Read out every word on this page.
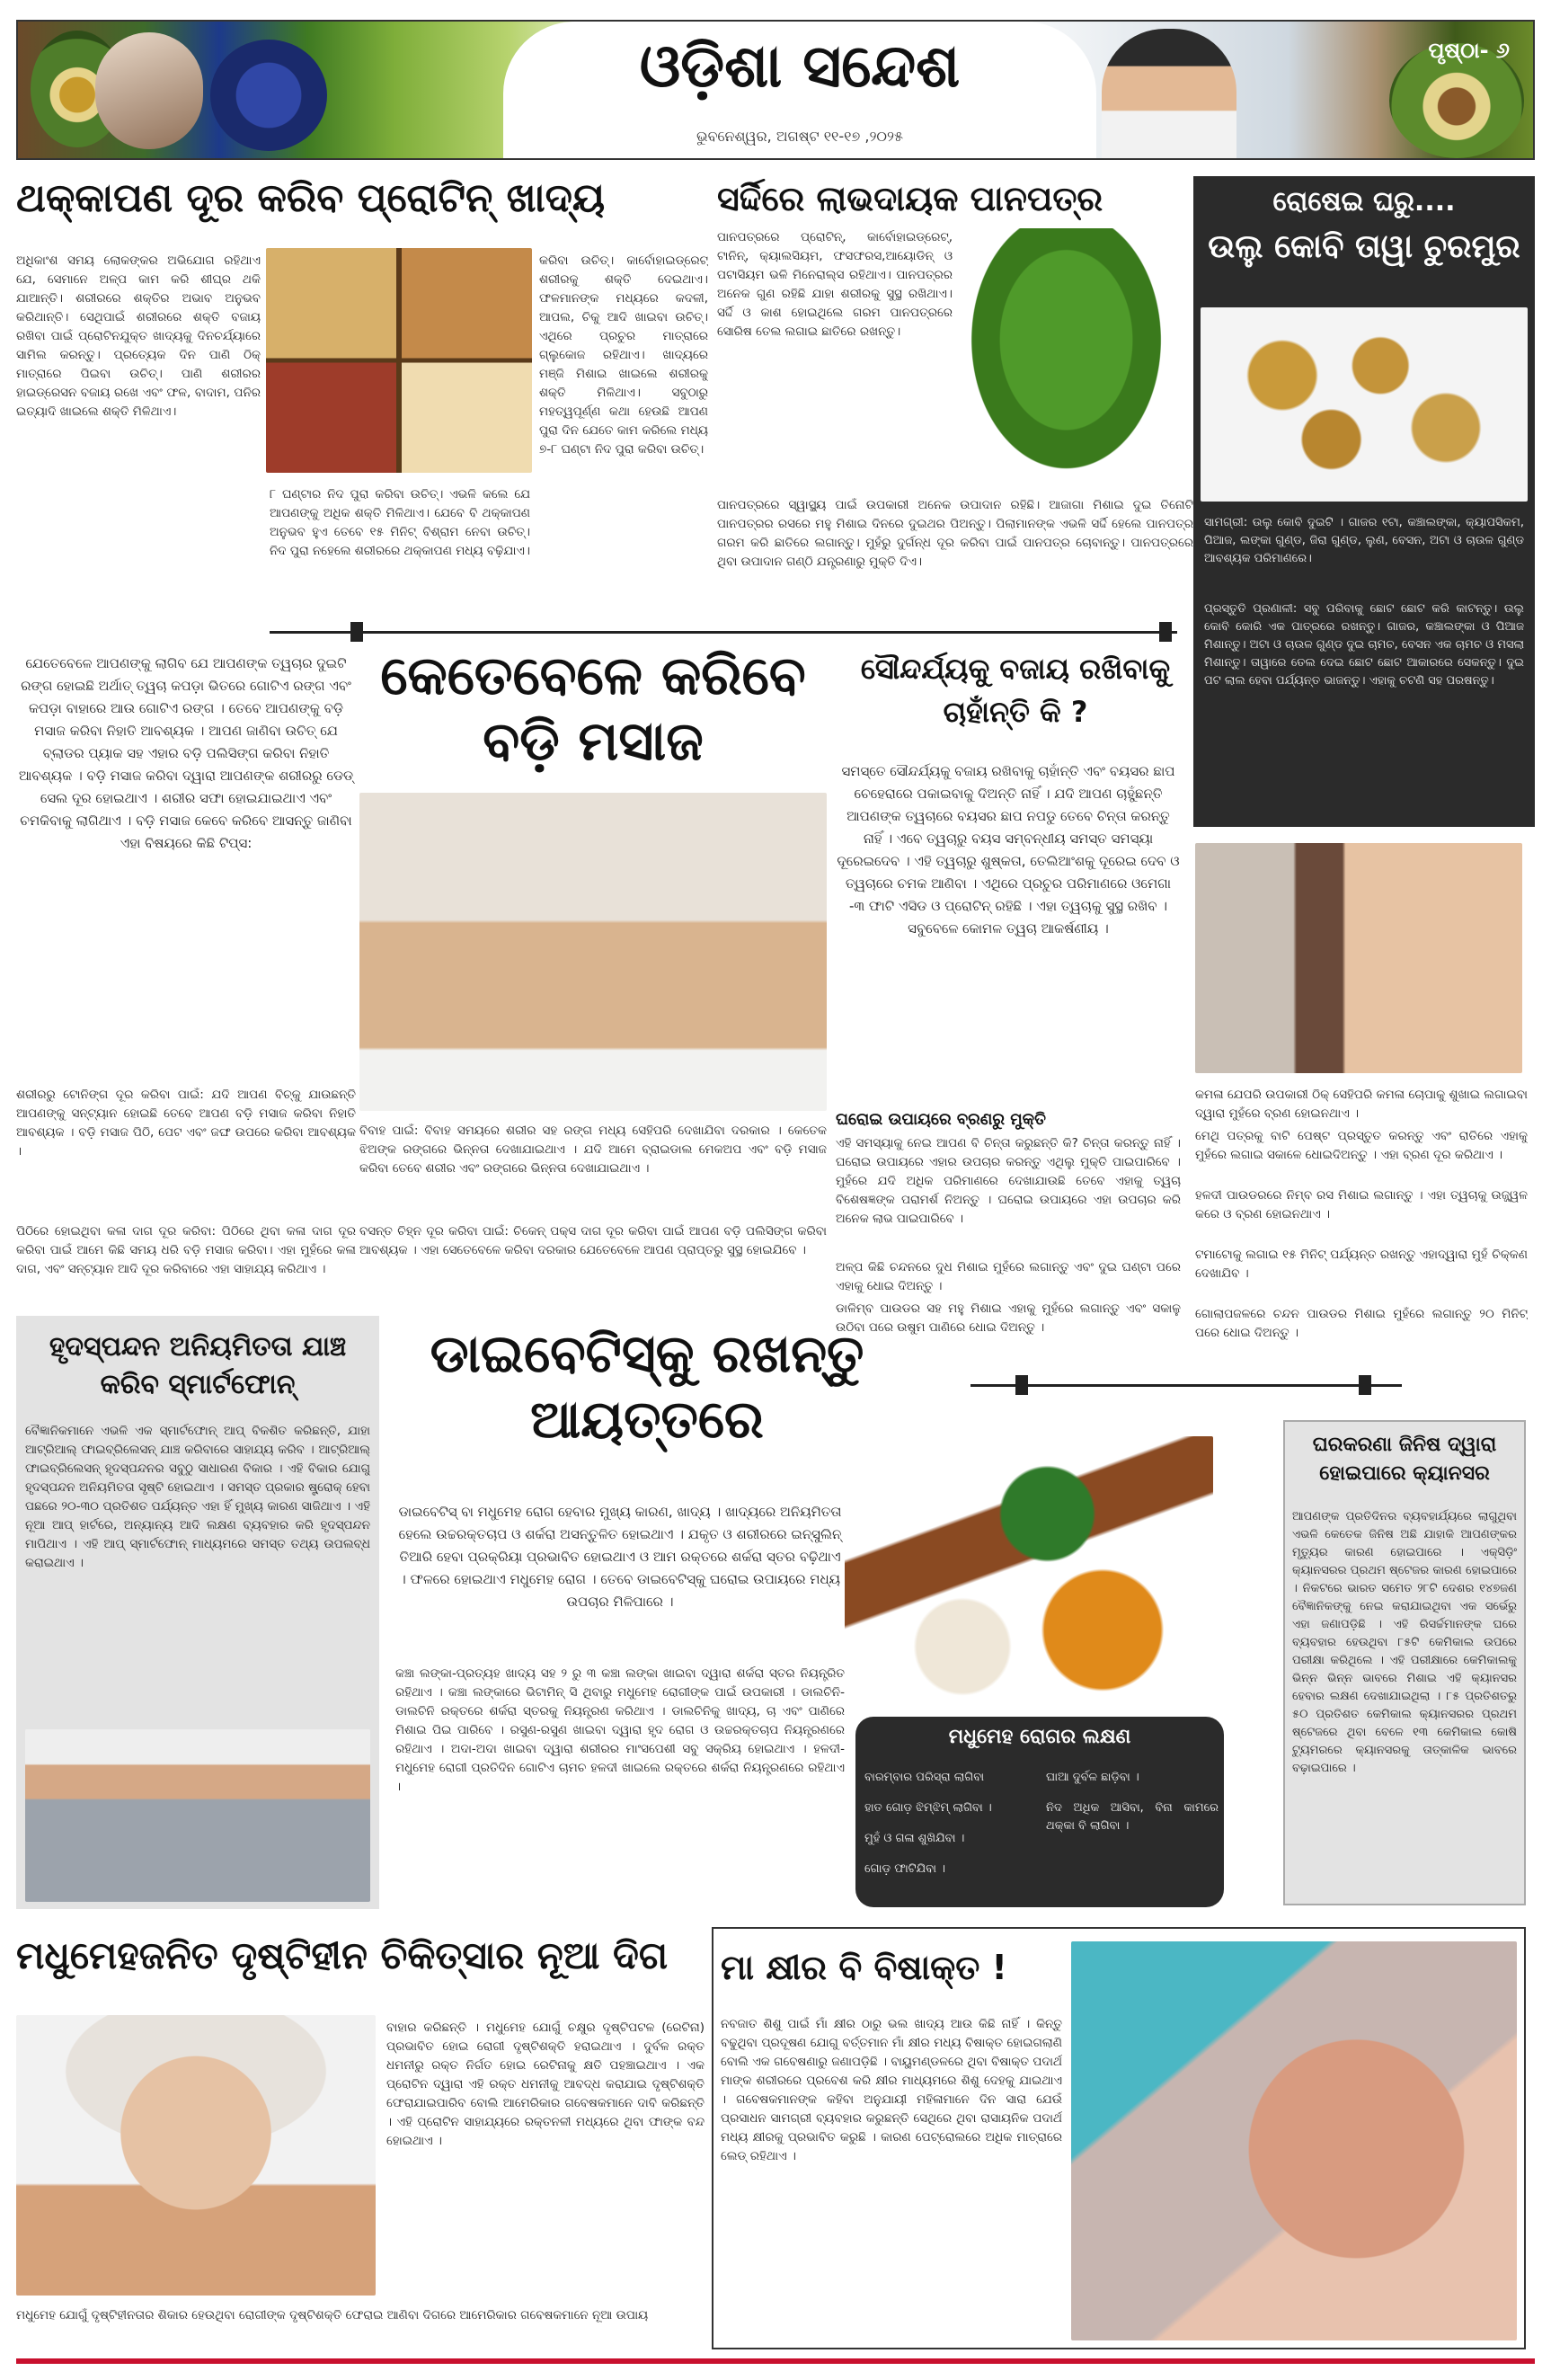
ଓଡ଼ିଶା ସନ୍ଦେଶ
ଭୁବନେଶ୍ୱର, ଅଗଷ୍ଟ ୧୧-୧୭ ,୨୦୨୫
ପୃଷ୍ଠା- ୬
ଥକ୍କାପଣ ଦୂର କରିବ ପ୍ରୋଟିନ୍ ଖାଦ୍ୟ
ଅଧିକାଂଶ ସମୟ ଲୋକଙ୍କର ଅଭିଯୋଗ ରହିଥାଏ ଯେ, ସେମାନେ ଅଳ୍ପ କାମ କରି ଶୀଘ୍ର ଥକି ଯାଆନ୍ତି। ଶରୀରରେ ଶକ୍ତିର ଅଭାବ ଅନୁଭବ କରିଥାନ୍ତି। ସେଥିପାଇଁ ଶରୀରରେ ଶକ୍ତି ବଜାୟ ରଖିବା ପାଇଁ ପ୍ରୋଟିନଯୁକ୍ତ ଖାଦ୍ୟକୁ ଦିନଚର୍ଯ୍ୟାରେ ସାମିଲ କରନ୍ତୁ। ପ୍ରତ୍ୟେକ ଦିନ ପାଣି ଠିକ୍ ମାତ୍ରାରେ ପିଇବା ଉଚିତ୍। ପାଣି ଶରୀରର ହାଇଡ୍ରେସନ ବଜାୟ ରଖେ ଏବଂ ଫଳ, ବାଦାମ, ପନିର ଇତ୍ୟାଦି ଖାଇଲେ ଶକ୍ତି ମିଳିଥାଏ।
କରିବା ଉଚିତ୍। କାର୍ବୋହାଇଡ୍ରେଟ୍ ଶରୀରକୁ ଶକ୍ତି ଦେଇଥାଏ। ଫଳମାନଙ୍କ ମଧ୍ୟରେ କଦଳୀ, ଆପଲ, ଚିକୁ ଆଦି ଖାଇବା ଉଚିତ୍। ଏଥିରେ ପ୍ରଚୁର ମାତ୍ରାରେ ଗ୍ଲୁକୋଜ ରହିଥାଏ। ଖାଦ୍ୟରେ ମଞ୍ଜି ମିଶାଇ ଖାଇଲେ ଶରୀରକୁ ଶକ୍ତି ମିଳିଥାଏ। ସବୁଠାରୁ ମହତ୍ୱପୂର୍ଣ୍ଣ କଥା ହେଉଛି ଆପଣ ପୁରା ଦିନ ଯେତେ କାମ କରିଲେ ମଧ୍ୟ ୭-୮ ଘଣ୍ଟା ନିଦ ପୁରା କରିବା ଉଚିତ୍।
୮ ଘଣ୍ଟାର ନିଦ ପୁରା କରିବା ଉଚିତ୍। ଏଭଳି କଲେ ଯେ ଆପଣଙ୍କୁ ଅଧିକ ଶକ୍ତି ମିଳିଥାଏ। ଯେବେ ବି ଥକ୍କାପଣ ଅନୁଭବ ହୁଏ ତେବେ ୧୫ ମିନିଟ୍ ବିଶ୍ରାମ ନେବା ଉଚିତ୍। ନିଦ ପୁରା ନହେଲେ ଶରୀରରେ ଥକ୍କାପଣ ମଧ୍ୟ ବଢ଼ିଯାଏ।
ସର୍ଦ୍ଦିରେ ଲାଭଦାୟକ ପାନପତ୍ର
ପାନପତ୍ରରେ ପ୍ରୋଟିନ୍, କାର୍ବୋହାଇଡ୍ରେଟ୍, ଟାନିନ୍, କ୍ୟାଲସିୟମ, ଫସଫରସ,ଆୟୋଡିନ୍ ଓ ପଟାସିୟମ ଭଳି ମିନେରାଲ୍ସ ରହିଥାଏ। ପାନପତ୍ରର ଅନେକ ଗୁଣ ରହିଛି ଯାହା ଶରୀରକୁ ସୁସ୍ଥ ରଖିଥାଏ। ସର୍ଦ୍ଦି ଓ କାଶ ହୋଇଥିଲେ ଗରମ ପାନପତ୍ରରେ ସୋରିଷ ତେଲ ଲଗାଇ ଛାତିରେ ରଖନ୍ତୁ।
ପାନପତ୍ରରେ ସ୍ୱାସ୍ଥ୍ୟ ପାଇଁ ଉପକାରୀ ଅନେକ ଉପାଦାନ ରହିଛି। ଆଜାଗା ମିଶାଇ ଦୁଇ ତିନୋଟି ପାନପତ୍ରର ରସରେ ମହୁ ମିଶାଇ ଦିନରେ ଦୁଇଥର ପିଅନ୍ତୁ। ପିଲାମାନଙ୍କ ଏଭଳି ସର୍ଦ୍ଦି ହେଲେ ପାନପତ୍ର ଗରମ କରି ଛାତିରେ ଲଗାନ୍ତୁ। ମୁହଁରୁ ଦୁର୍ଗନ୍ଧ ଦୂର କରିବା ପାଇଁ ପାନପତ୍ର ଚୋବାନ୍ତୁ। ପାନପତ୍ରରେ ଥିବା ଉପାଦାନ ଗଣ୍ଠି ଯନ୍ତ୍ରଣାରୁ ମୁକ୍ତି ଦିଏ।
ରୋଷେଇ ଘରୁ....
ଉଲୁ କୋବି ତାୱା ଚୁରମୁର
ସାମଗ୍ରୀ: ଉଲୁ କୋବି ଦୁଇଟି । ଗାଜର ୧ଟା, କଞ୍ଚାଲଙ୍କା, କ୍ୟାପସିକମ, ପିଆଜ, ଲଙ୍କା ଗୁଣ୍ଡ, ଜିରା ଗୁଣ୍ଡ, ଲୁଣ, ବେସନ, ଅଟା ଓ ଚାଉଳ ଗୁଣ୍ଡ ଆବଶ୍ୟକ ପରିମାଣରେ।
ପ୍ରସ୍ତୁତି ପ୍ରଣାଳୀ: ସବୁ ପରିବାକୁ ଛୋଟ ଛୋଟ କରି କାଟନ୍ତୁ। ଉଲୁ କୋବି କୋରି ଏକ ପାତ୍ରରେ ରଖନ୍ତୁ। ଗାଜର, କଞ୍ଚାଲଙ୍କା ଓ ପିଆଜ ମିଶାନ୍ତୁ। ଅଟା ଓ ଚାଉଳ ଗୁଣ୍ଡ ଦୁଇ ଚାମଚ, ବେସନ ଏକ ଚାମଚ ଓ ମସଲା ମିଶାନ୍ତୁ। ତାୱାରେ ତେଲ ଦେଇ ଛୋଟ ଛୋଟ ଆକାରରେ ସେକନ୍ତୁ। ଦୁଇ ପଟ ଲାଲ ହେବା ପର୍ଯ୍ୟନ୍ତ ଭାଜନ୍ତୁ। ଏହାକୁ ଚଟଣି ସହ ପରଷନ୍ତୁ।
ଯେତେବେଳେ ଆପଣଙ୍କୁ ଲାଗିବ ଯେ ଆପଣଙ୍କ ତ୍ୱଚାର ଦୁଇଟି ରଙ୍ଗ ହୋଇଛି ଅର୍ଥାତ୍ ତ୍ୱଚା କପଡ଼ା ଭିତରେ ଗୋଟିଏ ରଙ୍ଗ ଏବଂ କପଡ଼ା ବାହାରେ ଆଉ ଗୋଟିଏ ରଙ୍ଗ । ତେବେ ଆପଣଙ୍କୁ ବଡ଼ି ମସାଜ କରିବା ନିହାତି ଆବଶ୍ୟକ । ଆପଣ ଜାଣିବା ଉଚିତ୍ ଯେ ବ୍ଲାଡର ପ୍ୟାକ ସହ ଏହାର ବଡ଼ି ପଲିସିଙ୍ଗ କରିବା ନିହାତି ଆବଶ୍ୟକ । ବଡ଼ି ମସାଜ କରିବା ଦ୍ୱାରା ଆପଣଙ୍କ ଶରୀରରୁ ଡେଡ୍ ସେଲ ଦୂର ହୋଇଥାଏ । ଶରୀର ସଫା ହୋଇଯାଇଥାଏ ଏବଂ ଚମକିବାକୁ ଲାଗିଥାଏ । ବଡ଼ି ମସାଜ କେବେ କରିବେ ଆସନ୍ତୁ ଜାଣିବା ଏହା ବିଷୟରେ କିଛି ଟିପ୍ସ:
କେତେବେଳେ କରିବେ ବଡ଼ି ମସାଜ
ଶରୀରରୁ ଟୋନିଙ୍ଗ ଦୂର କରିବା ପାଇଁ: ଯଦି ଆପଣ ବିଚ୍‌କୁ ଯାଉଛନ୍ତି ଆପଣଙ୍କୁ ସନ୍‌ଟ୍ୟାନ ହୋଇଛି ତେବେ ଆପଣ ବଡ଼ି ମସାଜ କରିବା ନିହାତି ଆବଶ୍ୟକ । ବଡ଼ି ମସାଜ ପିଠି, ପେଟ ଏବଂ ଜଙ୍ଘ ଉପରେ କରିବା ଆବଶ୍ୟକ ।
ପିଠିରେ ହୋଇଥିବା କଳା ଦାଗ ଦୂର କରିବା: ପିଠିରେ ଥିବା କଳା ଦାଗ ଦୂର କରିବା ପାଇଁ ଆମେ କିଛି ସମୟ ଧରି ବଡ଼ି ମସାଜ କରିବା। ଏହା ମୁହଁରେ କଳା ଦାଗ, ଏବଂ ସନ୍‌ଟ୍ୟାନ ଆଦି ଦୂର କରିବାରେ ଏହା ସାହାଯ୍ୟ କରିଥାଏ ।
ବିବାହ ପାଇଁ: ବିବାହ ସମୟରେ ଶରୀର ସହ ରଙ୍ଗ ମଧ୍ୟ ସେହିପରି ଦେଖାଯିବା ଦରକାର । କେତେକ ଝିଅଙ୍କ ରଙ୍ଗରେ ଭିନ୍ନତା ଦେଖାଯାଇଥାଏ । ଯଦି ଆମେ ବ୍ରାଇଡାଲ ମେକଅପ ଏବଂ ବଡ଼ି ମସାଜ କରିବା ତେବେ ଶରୀର ଏବଂ ରଙ୍ଗରେ ଭିନ୍ନତା ଦେଖାଯାଇଥାଏ ।
ବସନ୍ତ ଚିହ୍ନ ଦୂର କରିବା ପାଇଁ: ଚିକେନ୍ ପକ୍ସ ଦାଗ ଦୂର କରିବା ପାଇଁ ଆପଣ ବଡ଼ି ପଲିସିଙ୍ଗ କରିବା ଆବଶ୍ୟକ । ଏହା ସେତେବେଳେ କରିବା ଦରକାର ଯେତେବେଳେ ଆପଣ ପ୍ରାପ୍ତରୁ ସୁସ୍ଥ ହୋଇଯିବେ ।
ସୌନ୍ଦର୍ଯ୍ୟକୁ ବଜାୟ ରଖିବାକୁ ଚାହାଁନ୍ତି କି ?
ସମସ୍ତେ ସୌନ୍ଦର୍ଯ୍ୟକୁ ବଜାୟ ରଖିବାକୁ ଚାହାଁନ୍ତି ଏବଂ ବୟସର ଛାପ ଚେହେରାରେ ପକାଇବାକୁ ଦିଅନ୍ତି ନାହିଁ । ଯଦି ଆପଣ ଚାହୁଁଛନ୍ତି ଆପଣଙ୍କ ତ୍ୱଚାରେ ବୟସର ଛାପ ନପଡୁ ତେବେ ଚିନ୍ତା କରନ୍ତୁ ନାହିଁ । ଏବେ ତ୍ୱଚାରୁ ବୟସ ସମ୍ବନ୍ଧୀୟ ସମସ୍ତ ସମସ୍ୟା ଦୂରେଇଦେବ । ଏହି ତ୍ୱଚାରୁ ଶୁଷ୍କତା, ତେଲିଆଂଶକୁ ଦୂରେଇ ଦେବ ଓ ତ୍ୱଚାରେ ଚମକ ଆଣିବା । ଏଥିରେ ପ୍ରଚୁର ପରିମାଣରେ ଓମେଗା -୩ ଫାଟି ଏସିଡ ଓ ପ୍ରୋଟିନ୍ ରହିଛି । ଏହା ତ୍ୱଚାକୁ ସୁସ୍ଥ ରଖିବ । ସବୁବେଳେ କୋମଳ ତ୍ୱଚା ଆକର୍ଷଣୀୟ ।
ଘରୋଇ ଉପାୟରେ ବ୍ରଣରୁ ମୁକ୍ତି
ଏହି ସମସ୍ୟାକୁ ନେଇ ଆପଣ ବି ଚିନ୍ତା କରୁଛନ୍ତି କି? ଚିନ୍ତା କରନ୍ତୁ ନାହିଁ । ଘରୋଇ ଉପାୟରେ ଏହାର ଉପଚାର କରନ୍ତୁ ଏଥିଲୁ ମୁକ୍ତି ପାଇପାରିବେ । ମୁହଁରେ ଯଦି ଅଧିକ ପରିମାଣରେ ଦେଖାଯାଉଛି ତେବେ ଏହାକୁ ତ୍ୱଚା ବିଶେଷଜ୍ଞଙ୍କ ପରାମର୍ଶ ନିଅନ୍ତୁ । ଘରୋଇ ଉପାୟରେ ଏହା ଉପଚାର କରି ଅନେକ ଲାଭ ପାଇପାରିବେ ।
ଅଳ୍ପ କିଛି ଚନ୍ଦନରେ ଦୁଧ ମିଶାଇ ମୁହଁରେ ଲଗାନ୍ତୁ ଏବଂ ଦୁଇ ଘଣ୍ଟା ପରେ ଏହାକୁ ଧୋଇ ଦିଅନ୍ତୁ ।
ଡାଳିମ୍ବ ପାଉଡର ସହ ମହୁ ମିଶାଇ ଏହାକୁ ମୁହଁରେ ଲଗାନ୍ତୁ ଏବଂ ସକାଳୁ ଉଠିବା ପରେ ଉଷୁମ ପାଣିରେ ଧୋଇ ଦିଅନ୍ତୁ ।
କମଳା ଯେପରି ଉପକାରୀ ଠିକ୍ ସେହିପରି କମଳା ଚୋପାକୁ ଶୁଖାଇ ଲଗାଇବା ଦ୍ୱାରା ମୁହଁରେ ବ୍ରଣ ହୋଇନଥାଏ ।
ମେଥି ପତ୍ରକୁ ବାଟି ପେଷ୍ଟ ପ୍ରସ୍ତୁତ କରନ୍ତୁ ଏବଂ ରାତିରେ ଏହାକୁ ମୁହଁରେ ଲଗାଇ ସକାଳେ ଧୋଇଦିଅନ୍ତୁ । ଏହା ବ୍ରଣ ଦୂର କରିଥାଏ ।
ହଳଦୀ ପାଉଡରରେ ନିମ୍ବ ରସ ମିଶାଇ ଲଗାନ୍ତୁ । ଏହା ତ୍ୱଚାକୁ ଉଜ୍ଜ୍ୱଳ କରେ ଓ ବ୍ରଣ ହୋଇନଥାଏ ।
ଟମାଟୋକୁ ଲଗାଇ ୧୫ ମିନିଟ୍ ପର୍ଯ୍ୟନ୍ତ ରଖନ୍ତୁ ଏହାଦ୍ୱାରା ମୁହଁ ଚିକ୍କଣ ଦେଖାଯିବ ।
ଗୋଲାପଜଳରେ ଚନ୍ଦନ ପାଉଡର ମିଶାଇ ମୁହଁରେ ଲଗାନ୍ତୁ ୨୦ ମିନିଟ୍ ପରେ ଧୋଇ ଦିଅନ୍ତୁ ।
ହୃଦସ୍ପନ୍ଦନ ଅନିୟମିତତା ଯାଞ୍ଚ କରିବ ସ୍ମାର୍ଟଫୋନ୍
ବୈଜ୍ଞାନିକମାନେ ଏଭଳି ଏକ ସ୍ମାର୍ଟଫୋନ୍ ଆପ୍ ବିକଶିତ କରିଛନ୍ତି, ଯାହା ଆଟ୍ରିଆଲ୍ ଫାଇବ୍ରିଲେସନ୍ ଯାଞ୍ଚ କରିବାରେ ସାହାଯ୍ୟ କରିବ । ଆଟ୍ରିଆଲ୍ ଫାଇବ୍ରିଲେସନ୍ ହୃଦସ୍ପନ୍ଦନର ସବୁଠୁ ସାଧାରଣ ବିକାର । ଏହି ବିକାର ଯୋଗୁ ହୃଦସ୍ପନ୍ଦନ ଅନିୟମିତତା ସୃଷ୍ଟି ହୋଇଥାଏ । ସମସ୍ତ ପ୍ରକାର ଷ୍ଟ୍ରୋକ୍ ହେବା ପଛରେ ୨୦-୩୦ ପ୍ରତିଶତ ପର୍ଯ୍ୟନ୍ତ ଏହା ହିଁ ମୁଖ୍ୟ କାରଣ ସାଜିଥାଏ । ଏହି ନୂଆ ଆପ୍ ହାର୍ଟରେ, ଅନ୍ୟାନ୍ୟ ଆଦି ଲକ୍ଷଣ ବ୍ୟବହାର କରି ହୃଦସ୍ପନ୍ଦନ ମାପିଥାଏ । ଏହି ଆପ୍ ସ୍ମାର୍ଟଫୋନ୍ ମାଧ୍ୟମରେ ସମସ୍ତ ତଥ୍ୟ ଉପଲବ୍ଧ କରାଇଥାଏ ।
ଡାଇବେଟିସ୍‌କୁ ରଖନ୍ତୁ ଆୟତ୍ତରେ
ଡାଇବେଟିସ୍ ବା ମଧୁମେହ ରୋଗ ହେବାର ମୁଖ୍ୟ କାରଣ, ଖାଦ୍ୟ । ଖାଦ୍ୟରେ ଅନିୟମିତତା ହେଲେ ଉଚ୍ଚରକ୍ତଚାପ ଓ ଶର୍କରା ଅସନ୍ତୁଳିତ ହୋଇଥାଏ । ଯକୃତ ଓ ଶରୀରରେ ଇନ୍‌ସୁଲିନ୍ ତିଆରି ହେବା ପ୍ରକ୍ରିୟା ପ୍ରଭାବିତ ହୋଇଥାଏ ଓ ଆମ ରକ୍ତରେ ଶର୍କରା ସ୍ତର ବଢ଼ିଥାଏ । ଫଳରେ ହୋଇଥାଏ ମଧୁମେହ ରୋଗ । ତେବେ ଡାଇବେଟିସ୍‌କୁ ଘରୋଇ ଉପାୟରେ ମଧ୍ୟ ଉପଚାର ମିଳିପାରେ ।
କଞ୍ଚା ଲଙ୍କା-ପ୍ରତ୍ୟହ ଖାଦ୍ୟ ସହ ୨ ରୁ ୩ କଞ୍ଚା ଲଙ୍କା ଖାଇବା ଦ୍ୱାରା ଶର୍କରା ସ୍ତର ନିୟନ୍ତ୍ରିତ ରହିଥାଏ । କଞ୍ଚା ଲଙ୍କାରେ ଭିଟାମିନ୍ ସି ଥିବାରୁ ମଧୁମେହ ରୋଗୀଙ୍କ ପାଇଁ ଉପକାରୀ । ଡାଲଚିନି-ଡାଲଚିନି ରକ୍ତରେ ଶର୍କରା ସ୍ତରକୁ ନିୟନ୍ତ୍ରଣ କରିଥାଏ । ଡାଲଚିନିକୁ ଖାଦ୍ୟ, ଚା ଏବଂ ପାଣିରେ ମିଶାଇ ପିଇ ପାରିବେ । ରସୁଣ-ରସୁଣ ଖାଇବା ଦ୍ୱାରା ହୃଦ ରୋଗ ଓ ଉଚ୍ଚରକ୍ତଚାପ ନିୟନ୍ତ୍ରଣରେ ରହିଥାଏ । ଅଦା-ଅଦା ଖାଇବା ଦ୍ୱାରା ଶରୀରର ମାଂସପେଶୀ ସବୁ ସକ୍ରିୟ ହୋଇଥାଏ । ହଳଦୀ-ମଧୁମେହ ରୋଗୀ ପ୍ରତିଦିନ ଗୋଟିଏ ଚାମଚ ହଳଦୀ ଖାଇଲେ ରକ୍ତରେ ଶର୍କରା ନିୟନ୍ତ୍ରଣରେ ରହିଥାଏ ।
ମଧୁମେହ ରୋଗର ଲକ୍ଷଣ
ବାରମ୍ବାର ପରିସ୍ରା ଲାଗିବା
ହାତ ଗୋଡ଼ ଝିମ୍‌ଝିମ୍ ଲାଗିବା ।
ମୁହଁ ଓ ଗଳା ଶୁଖିଯିବା ।
ଗୋଡ଼ ଫାଟିଯିବା ।
ଘାଆ ଦୁର୍ବଳ ଛାଡ଼ିବା ।
ନିଦ ଅଧିକ ଆସିବା, ବିନା କାମରେ ଥକ୍କା ବି ଲାଗିବା ।
ଘରକରଣା ଜିନିଷ ଦ୍ୱାରା ହୋଇପାରେ କ୍ୟାନସର
ଆପଣଙ୍କ ପ୍ରତିଦିନର ବ୍ୟବହାର୍ଯ୍ୟରେ ଲାଗୁଥିବା ଏଭଳି କେତେକ ଜିନିଷ ଅଛି ଯାହାକି ଆପଣଙ୍କର ମୃତ୍ୟୁର କାରଣ ହୋଇପାରେ । ଏକ୍ସିଡ଼ିଂ କ୍ୟାନସରର ପ୍ରଥମ ଷ୍ଟେଜର କାରଣ ହୋଇପାରେ । ନିକଟରେ ଭାରତ ସମେତ ୨୮ଟି ଦେଶର ୧୪୭ଜଣ ବୈଜ୍ଞାନିକଙ୍କୁ ନେଇ କରାଯାଇଥିବା ଏକ ସର୍ଭେରୁ ଏହା ଜଣାପଡ଼ିଛି । ଏହି ରିସର୍ଚ୍ଚମାନଙ୍କ ଘରେ ବ୍ୟବହାର ହେଉଥିବା ୮୫ଟି କେମିକାଲ ଉପରେ ପରୀକ୍ଷା କରିଥିଲେ । ଏହି ପରୀକ୍ଷାରେ କେମିକାଲକୁ ଭିନ୍ନ ଭିନ୍ନ ଭାବରେ ମିଶାଇ ଏହି କ୍ୟାନସର ହେବାର ଲକ୍ଷଣ ଦେଖାଯାଇଥିଲା । ୮୫ ପ୍ରତିଶତରୁ ୫୦ ପ୍ରତିଶତ କେମିକାଲ କ୍ୟାନସରର ପ୍ରଥମ ଷ୍ଟେଜରେ ଥିବା ବେଳେ ୧୩ କେମିକାଲ କୋଷି ଟ୍ୟୁମରରେ କ୍ୟାନସରକୁ ତାତ୍‌କାଳିକ ଭାବରେ ବଢ଼ାଇପାରେ ।
ମଧୁମେହଜନିତ ଦୃଷ୍ଟିହୀନ ଚିକିତ୍ସାର ନୂଆ ଦିଗ
ବାହାର କରିଛନ୍ତି । ମଧୁମେହ ଯୋଗୁଁ ଚକ୍ଷୁର ଦୃଷ୍ଟିପଟଳ (ରେଟିନା) ପ୍ରଭାବିତ ହୋଇ ରୋଗୀ ଦୃଷ୍ଟିଶକ୍ତି ହରାଇଥାଏ । ଦୁର୍ବଳ ରକ୍ତ ଧମନୀରୁ ରକ୍ତ ନିର୍ଗତ ହୋଇ ରେଟିନାକୁ କ୍ଷତି ପହଞ୍ଚାଇଥାଏ । ଏକ ପ୍ରୋଟିନ ଦ୍ୱାରା ଏହି ରକ୍ତ ଧମନୀକୁ ଆବଦ୍ଧ କରାଯାଇ ଦୃଷ୍ଟିଶକ୍ତି ଫେରାଯାଇପାରିବ ବୋଲି ଆମେରିକାର ଗବେଷକମାନେ ଦାବି କରିଛନ୍ତି । ଏହି ପ୍ରୋଟିନ ସାହାଯ୍ୟରେ ରକ୍ତନଳୀ ମଧ୍ୟରେ ଥିବା ଫାଙ୍କ ବନ୍ଦ ହୋଇଥାଏ ।
ମଧୁମେହ ଯୋଗୁଁ ଦୃଷ୍ଟିହୀନତାର ଶିକାର ହେଉଥିବା ରୋଗୀଙ୍କ ଦୃଷ୍ଟିଶକ୍ତି ଫେରାଇ ଆଣିବା ଦିଗରେ ଆମେରିକାର ଗବେଷକମାନେ ନୂଆ ଉପାୟ
ମା କ୍ଷୀର ବି ବିଷାକ୍ତ !
ନବଜାତ ଶିଶୁ ପାଇଁ ମାଁ କ୍ଷୀର ଠାରୁ ଭଲ ଖାଦ୍ୟ ଆଉ କିଛି ନାହିଁ । କିନ୍ତୁ ବଢୁଥିବା ପ୍ରଦୂଷଣ ଯୋଗୁ ବର୍ତ୍ତମାନ ମାଁ କ୍ଷୀର ମଧ୍ୟ ବିଷାକ୍ତ ହୋଇଗଲାଣି ବୋଲି ଏକ ଗବେଷଣାରୁ ଜଣାପଡ଼ିଛି । ବାୟୁମଣ୍ଡଳରେ ଥିବା ବିଷାକ୍ତ ପଦାର୍ଥ ମାଙ୍କ ଶରୀରରେ ପ୍ରବେଶ କରି କ୍ଷୀର ମାଧ୍ୟମରେ ଶିଶୁ ଦେହକୁ ଯାଇଥାଏ । ଗବେଷକମାନଙ୍କ କହିବା ଅନୁଯାୟୀ ମହିଳାମାନେ ଦିନ ସାରା ଯେଉଁ ପ୍ରସାଧନ ସାମଗ୍ରୀ ବ୍ୟବହାର କରୁଛନ୍ତି ସେଥିରେ ଥିବା ରାସାୟନିକ ପଦାର୍ଥ ମଧ୍ୟ କ୍ଷୀରକୁ ପ୍ରଭାବିତ କରୁଛି । କାରଣ ପେଟ୍ରୋଲରେ ଅଧିକ ମାତ୍ରାରେ ଲେଡ୍ ରହିଥାଏ ।
